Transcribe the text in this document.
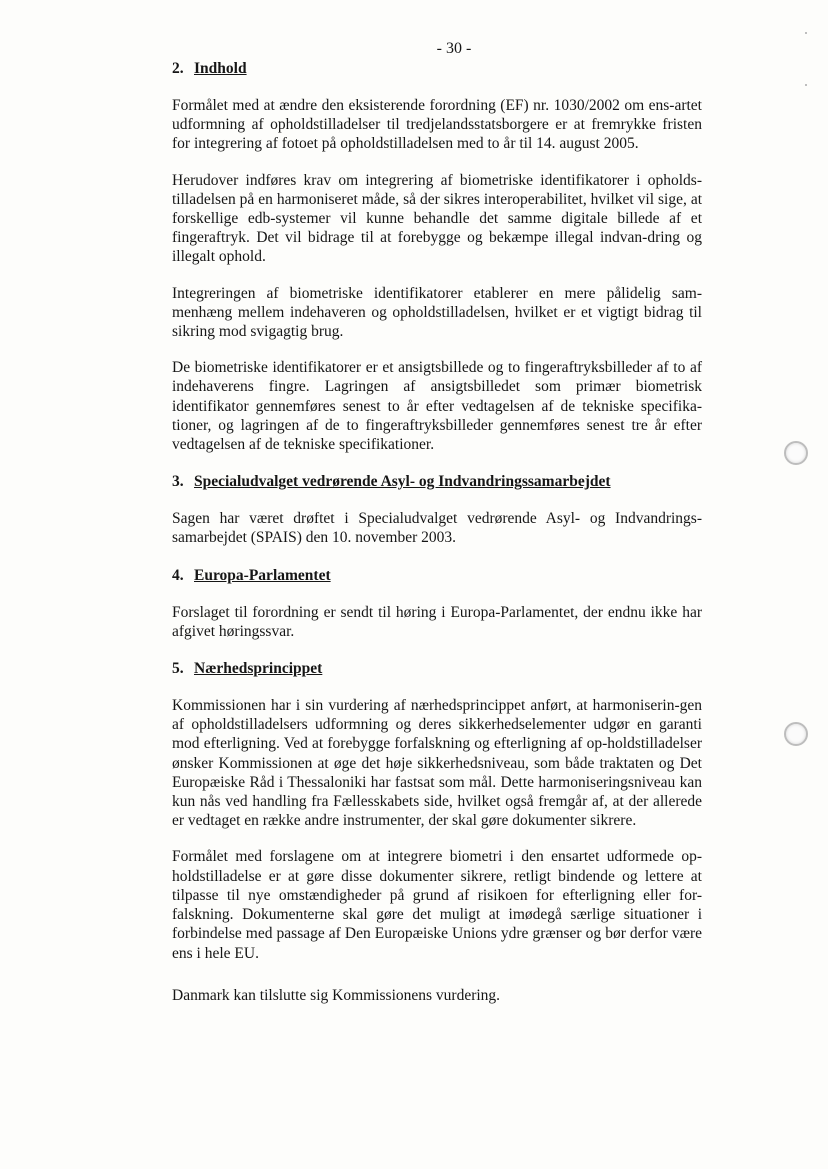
- 30 -
2. Indhold

Formålet med at ændre den eksisterende forordning (EF) nr. 1030/2002 om ens-artet udformning af opholdstilladelser til tredjelandsstatsborgere er at fremrykke fristen for integrering af fotoet på opholdstilladelsen med to år til 14. august 2005.

Herudover indføres krav om integrering af biometriske identifikatorer i opholds-tilladelsen på en harmoniseret måde, så der sikres interoperabilitet, hvilket vil sige, at forskellige edb-systemer vil kunne behandle det samme digitale billede af et fingeraftryk. Det vil bidrage til at forebygge og bekæmpe illegal indvan-dring og illegalt ophold.

Integreringen af biometriske identifikatorer etablerer en mere pålidelig sam-menhæng mellem indehaveren og opholdstilladelsen, hvilket er et vigtigt bidrag til sikring mod svigagtig brug.

De biometriske identifikatorer er et ansigtsbillede og to fingeraftryksbilleder af to af indehaverens fingre. Lagringen af ansigtsbilledet som primær biometrisk identifikator gennemføres senest to år efter vedtagelsen af de tekniske specifika-tioner, og lagringen af de to fingeraftryksbilleder gennemføres senest tre år efter vedtagelsen af de tekniske specifikationer.

3. Specialudvalget vedrørende Asyl- og Indvandringssamarbejdet

Sagen har været drøftet i Specialudvalget vedrørende Asyl- og Indvandrings-samarbejdet (SPAIS) den 10. november 2003.

4. Europa-Parlamentet

Forslaget til forordning er sendt til høring i Europa-Parlamentet, der endnu ikke har afgivet høringssvar.

5. Nærhedsprincippet

Kommissionen har i sin vurdering af nærhedsprincippet anført, at harmoniserin-gen af opholdstilladelsers udformning og deres sikkerhedselementer udgør en garanti mod efterligning. Ved at forebygge forfalskning og efterligning af op-holdstilladelser ønsker Kommissionen at øge det høje sikkerhedsniveau, som både traktaten og Det Europæiske Råd i Thessaloniki har fastsat som mål. Dette harmoniseringsniveau kan kun nås ved handling fra Fællesskabets side, hvilket også fremgår af, at der allerede er vedtaget en række andre instrumenter, der skal gøre dokumenter sikrere.

Formålet med forslagene om at integrere biometri i den ensartet udformede op-holdstilladelse er at gøre disse dokumenter sikrere, retligt bindende og lettere at tilpasse til nye omstændigheder på grund af risikoen for efterligning eller for-falskning. Dokumenterne skal gøre det muligt at imødegå særlige situationer i forbindelse med passage af Den Europæiske Unions ydre grænser og bør derfor være ens i hele EU.

Danmark kan tilslutte sig Kommissionens vurdering.
